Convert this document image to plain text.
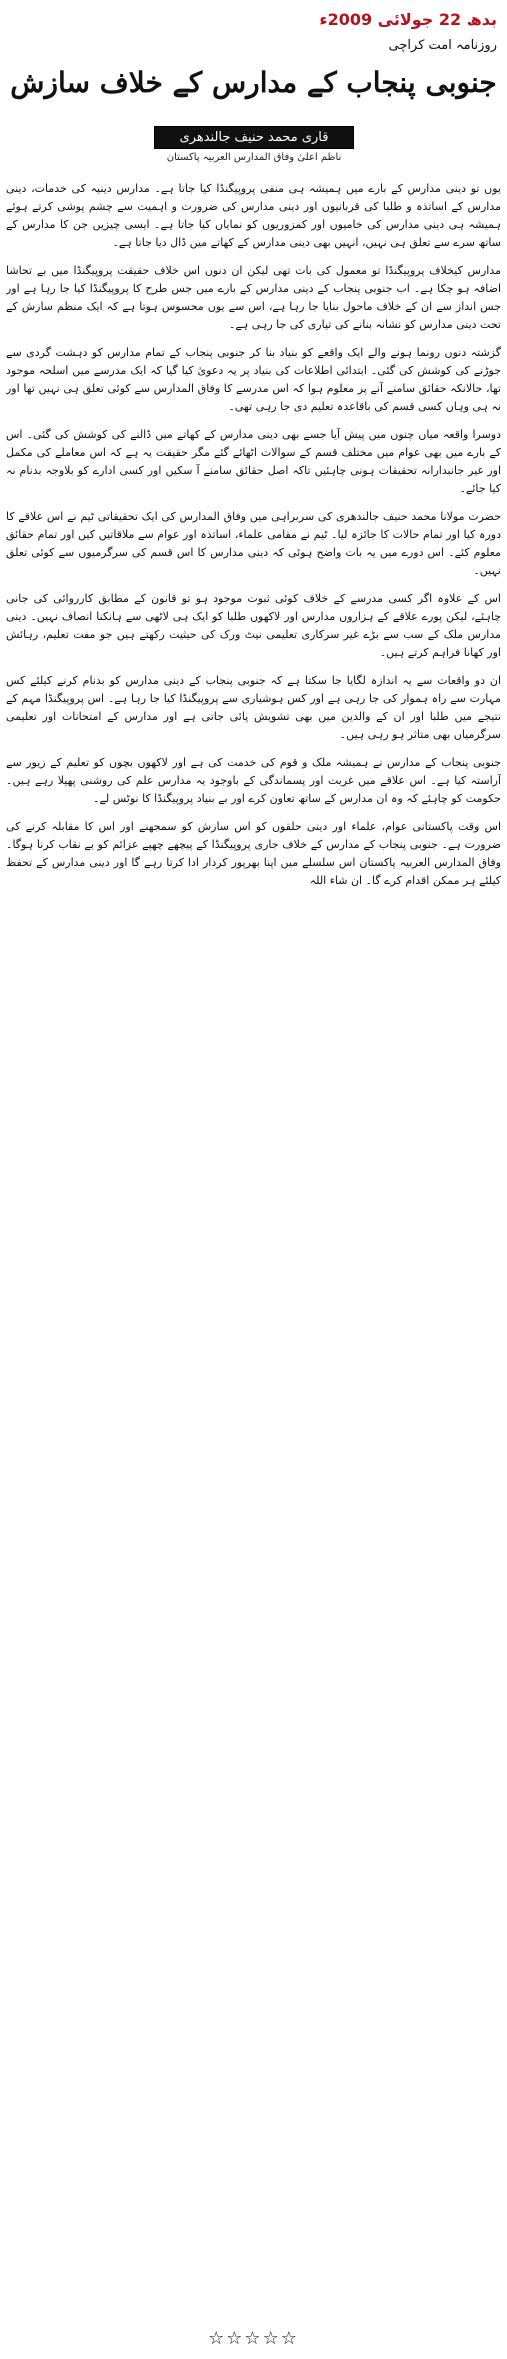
بدھ 22 جولائی 2009ء
روزنامہ امت کراچی
جنوبی پنجاب کے مدارس کے خلاف سازش
قاری محمد حنیف جالندھری
ناظم اعلیٰ وفاق المدارس العربیہ پاکستان

یوں تو دینی مدارس کے بارے میں ہمیشہ ہی منفی پروپیگنڈا کیا جاتا ہے۔ مدارس دینیہ کی خدمات، دینی مدارس کے اساتذہ و طلبا کی قربانیوں اور دینی مدارس کی ضرورت و اہمیت سے چشم پوشی کرتے ہوئے ہمیشہ ہی دینی مدارس کی خامیوں اور کمزوریوں کو نمایاں کیا جاتا ہے۔ ایسی چیزیں جن کا مدارس کے ساتھ سرے سے تعلق ہی نہیں، انہیں بھی دینی مدارس کے کھاتے میں ڈال دیا جاتا ہے۔

مدارس کیخلاف پروپیگنڈا تو معمول کی بات تھی لیکن ان دنوں اس خلاف حقیقت پروپیگنڈا میں بے تحاشا اضافہ ہو چکا ہے۔ اب جنوبی پنجاب کے دینی مدارس کے بارے میں جس طرح کا پروپیگنڈا کیا جا رہا ہے اور جس انداز سے ان کے خلاف ماحول بنایا جا رہا ہے، اس سے یوں محسوس ہوتا ہے کہ ایک منظم سازش کے تحت دینی مدارس کو نشانہ بنانے کی تیاری کی جا رہی ہے۔

گزشتہ دنوں رونما ہونے والے ایک واقعے کو بنیاد بنا کر جنوبی پنجاب کے تمام مدارس کو دہشت گردی سے جوڑنے کی کوشش کی گئی۔ ابتدائی اطلاعات کی بنیاد پر یہ دعویٰ کیا گیا کہ ایک مدرسے میں اسلحہ موجود تھا، حالانکہ حقائق سامنے آنے پر معلوم ہوا کہ اس مدرسے کا وفاق المدارس سے کوئی تعلق ہی نہیں تھا اور نہ ہی وہاں کسی قسم کی باقاعدہ تعلیم دی جا رہی تھی۔

دوسرا واقعہ میاں چنوں میں پیش آیا جسے بھی دینی مدارس کے کھاتے میں ڈالنے کی کوشش کی گئی۔ اس کے بارے میں بھی عوام میں مختلف قسم کے سوالات اٹھائے گئے مگر حقیقت یہ ہے کہ اس معاملے کی مکمل اور غیر جانبدارانہ تحقیقات ہونی چاہئیں تاکہ اصل حقائق سامنے آ سکیں اور کسی ادارے کو بلاوجہ بدنام نہ کیا جائے۔

حضرت مولانا محمد حنیف جالندھری کی سربراہی میں وفاق المدارس کی ایک تحقیقاتی ٹیم نے اس علاقے کا دورہ کیا اور تمام حالات کا جائزہ لیا۔ ٹیم نے مقامی علماء، اساتذہ اور عوام سے ملاقاتیں کیں اور تمام حقائق معلوم کئے۔ اس دورے میں یہ بات واضح ہوئی کہ دینی مدارس کا اس قسم کی سرگرمیوں سے کوئی تعلق نہیں۔

اس کے علاوہ اگر کسی مدرسے کے خلاف کوئی ثبوت موجود ہو تو قانون کے مطابق کارروائی کی جانی چاہئے، لیکن پورے علاقے کے ہزاروں مدارس اور لاکھوں طلبا کو ایک ہی لاٹھی سے ہانکنا انصاف نہیں۔ دینی مدارس ملک کے سب سے بڑے غیر سرکاری تعلیمی نیٹ ورک کی حیثیت رکھتے ہیں جو مفت تعلیم، رہائش اور کھانا فراہم کرتے ہیں۔

ان دو واقعات سے یہ اندازہ لگایا جا سکتا ہے کہ جنوبی پنجاب کے دینی مدارس کو بدنام کرنے کیلئے کس مہارت سے راہ ہموار کی جا رہی ہے اور کس ہوشیاری سے پروپیگنڈا کیا جا رہا ہے۔ اس پروپیگنڈا مہم کے نتیجے میں طلبا اور ان کے والدین میں بھی تشویش پائی جاتی ہے اور مدارس کے امتحانات اور تعلیمی سرگرمیاں بھی متاثر ہو رہی ہیں۔

جنوبی پنجاب کے مدارس نے ہمیشہ ملک و قوم کی خدمت کی ہے اور لاکھوں بچوں کو تعلیم کے زیور سے آراستہ کیا ہے۔ اس علاقے میں غربت اور پسماندگی کے باوجود یہ مدارس علم کی روشنی پھیلا رہے ہیں۔ حکومت کو چاہئے کہ وہ ان مدارس کے ساتھ تعاون کرے اور بے بنیاد پروپیگنڈا کا نوٹس لے۔

اس وقت پاکستانی عوام، علماء اور دینی حلقوں کو اس سازش کو سمجھنے اور اس کا مقابلہ کرنے کی ضرورت ہے۔ جنوبی پنجاب کے مدارس کے خلاف جاری پروپیگنڈا کے پیچھے چھپے عزائم کو بے نقاب کرنا ہوگا۔ وفاق المدارس العربیہ پاکستان اس سلسلے میں اپنا بھرپور کردار ادا کرتا رہے گا اور دینی مدارس کے تحفظ کیلئے ہر ممکن اقدام کرے گا۔ ان شاء اللہ

☆☆☆☆☆
